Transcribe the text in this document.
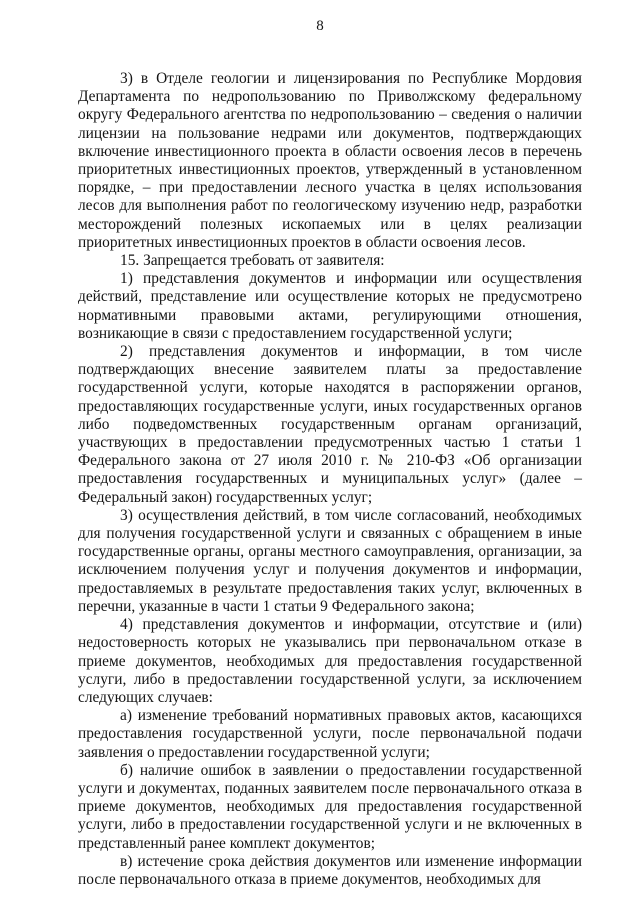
8

3) в Отделе геологии и лицензирования по Республике Мордовия Департамента по недропользованию по Приволжскому федеральному округу Федерального агентства по недропользованию – сведения о наличии лицензии на пользование недрами или документов, подтверждающих включение инвестиционного проекта в области освоения лесов в перечень приоритетных инвестиционных проектов, утвержденный в установленном порядке, – при предоставлении лесного участка в целях использования лесов для выполнения работ по геологическому изучению недр, разработки месторождений полезных ископаемых или в целях реализации приоритетных инвестиционных проектов в области освоения лесов.

15. Запрещается требовать от заявителя:

1) представления документов и информации или осуществления действий, представление или осуществление которых не предусмотрено нормативными правовыми актами, регулирующими отношения, возникающие в связи с предоставлением государственной услуги;

2) представления документов и информации, в том числе подтверждающих внесение заявителем платы за предоставление государственной услуги, которые находятся в распоряжении органов, предоставляющих государственные услуги, иных государственных органов либо подведомственных государственным органам организаций, участвующих в предоставлении предусмотренных частью 1 статьи 1 Федерального закона от 27 июля 2010 г. № 210-ФЗ «Об организации предоставления государственных и муниципальных услуг» (далее – Федеральный закон) государственных услуг;

3) осуществления действий, в том числе согласований, необходимых для получения государственной услуги и связанных с обращением в иные государственные органы, органы местного самоуправления, организации, за исключением получения услуг и получения документов и информации, предоставляемых в результате предоставления таких услуг, включенных в перечни, указанные в части 1 статьи 9 Федерального закона;

4) представления документов и информации, отсутствие и (или) недостоверность которых не указывались при первоначальном отказе в приеме документов, необходимых для предоставления государственной услуги, либо в предоставлении государственной услуги, за исключением следующих случаев:

а) изменение требований нормативных правовых актов, касающихся предоставления государственной услуги, после первоначальной подачи заявления о предоставлении государственной услуги;

б) наличие ошибок в заявлении о предоставлении государственной услуги и документах, поданных заявителем после первоначального отказа в приеме документов, необходимых для предоставления государственной услуги, либо в предоставлении государственной услуги и не включенных в представленный ранее комплект документов;

в) истечение срока действия документов или изменение информации после первоначального отказа в приеме документов, необходимых для
